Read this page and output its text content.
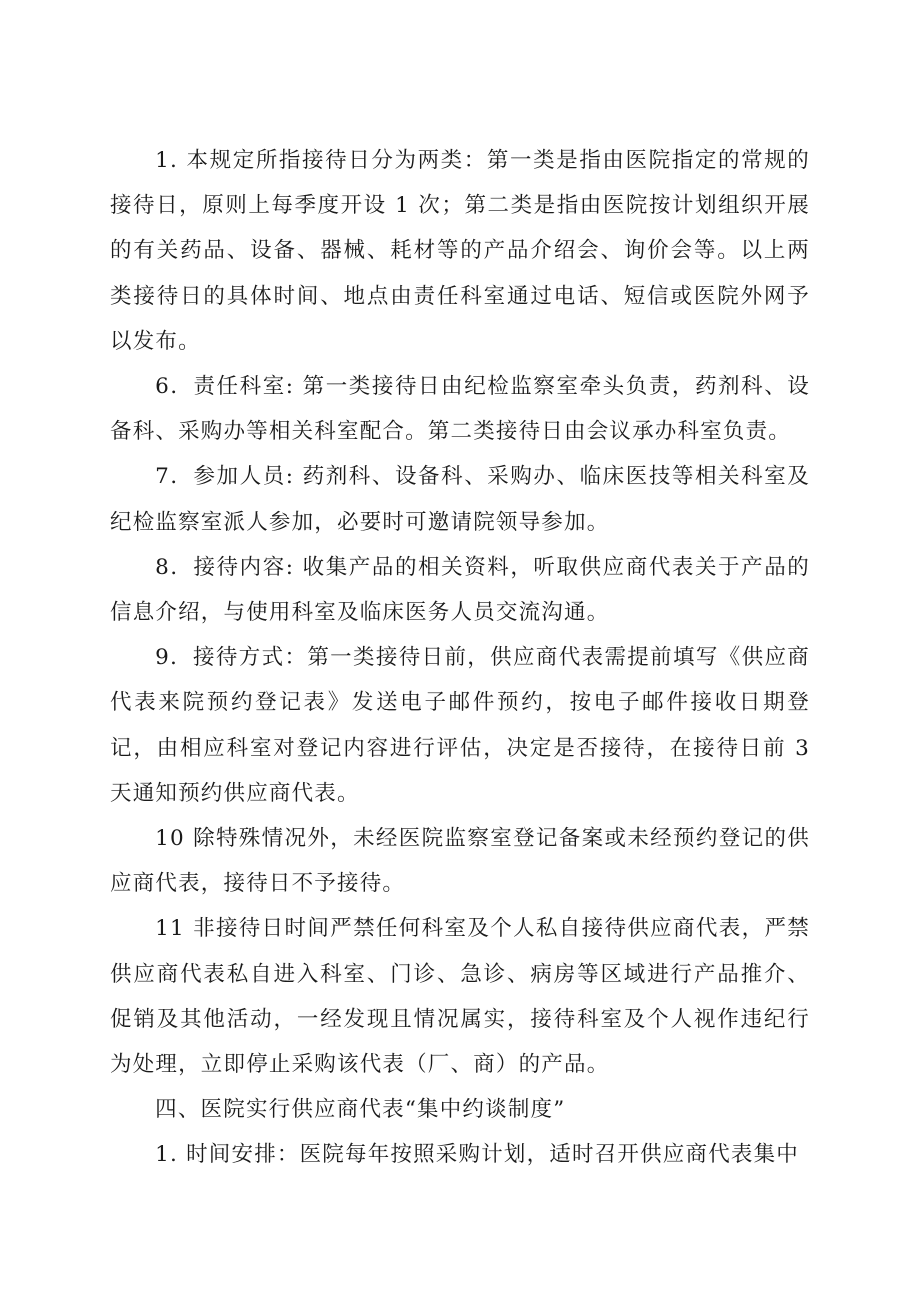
1. 本规定所指接待日分为两类：第一类是指由医院指定的常规的接待日，原则上每季度开设 1 次；第二类是指由医院按计划组织开展的有关药品、设备、器械、耗材等的产品介绍会、询价会等。以上两类接待日的具体时间、地点由责任科室通过电话、短信或医院外网予以发布。

6．责任科室: 第一类接待日由纪检监察室牵头负责，药剂科、设备科、采购办等相关科室配合。第二类接待日由会议承办科室负责。

7．参加人员: 药剂科、设备科、采购办、临床医技等相关科室及纪检监察室派人参加，必要时可邀请院领导参加。

8．接待内容: 收集产品的相关资料，听取供应商代表关于产品的信息介绍，与使用科室及临床医务人员交流沟通。

9．接待方式：第一类接待日前，供应商代表需提前填写《供应商代表来院预约登记表》发送电子邮件预约，按电子邮件接收日期登记，由相应科室对登记内容进行评估，决定是否接待，在接待日前 3 天通知预约供应商代表。

10 除特殊情况外，未经医院监察室登记备案或未经预约登记的供应商代表，接待日不予接待。

11 非接待日时间严禁任何科室及个人私自接待供应商代表，严禁供应商代表私自进入科室、门诊、急诊、病房等区域进行产品推介、促销及其他活动，一经发现且情况属实，接待科室及个人视作违纪行为处理，立即停止采购该代表（厂、商）的产品。

四、医院实行供应商代表“集中约谈制度”

1. 时间安排：医院每年按照采购计划，适时召开供应商代表集中
